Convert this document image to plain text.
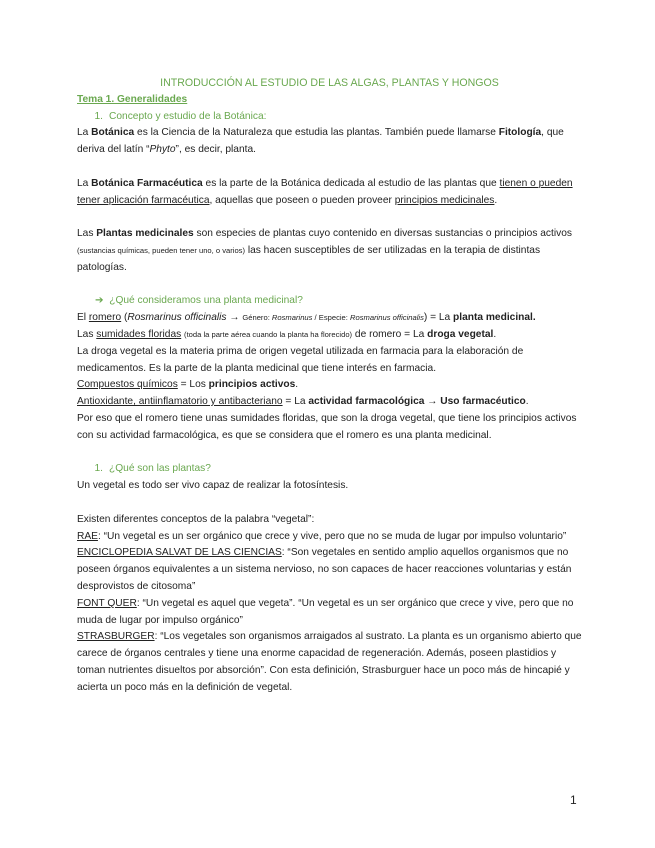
INTRODUCCIÓN AL ESTUDIO DE LAS ALGAS, PLANTAS Y HONGOS

Tema 1. Generalidades

1. Concepto y estudio de la Botánica:

La Botánica es la Ciencia de la Naturaleza que estudia las plantas. También puede llamarse Fitología, que deriva del latín “Phyto”, es decir, planta.

La Botánica Farmacéutica es la parte de la Botánica dedicada al estudio de las plantas que tienen o pueden tener aplicación farmacéutica, aquellas que poseen o pueden proveer principios medicinales.

Las Plantas medicinales son especies de plantas cuyo contenido en diversas sustancias o principios activos (sustancias químicas, pueden tener uno, o varios) las hacen susceptibles de ser utilizadas en la terapia de distintas patologías.

➔ ¿Qué consideramos una planta medicinal?

El romero (Rosmarinus officinalis → Género: Rosmarinus / Especie: Rosmarinus officinalis) = La planta medicinal.

Las sumidades floridas (toda la parte aérea cuando la planta ha florecido) de romero = La droga vegetal.

La droga vegetal es la materia prima de origen vegetal utilizada en farmacia para la elaboración de medicamentos. Es la parte de la planta medicinal que tiene interés en farmacia.

Compuestos químicos = Los principios activos.

Antioxidante, antiinflamatorio y antibacteriano = La actividad farmacológica → Uso farmacéutico.

Por eso que el romero tiene unas sumidades floridas, que son la droga vegetal, que tiene los principios activos con su actividad farmacológica, es que se considera que el romero es una planta medicinal.

1. ¿Qué son las plantas?

Un vegetal es todo ser vivo capaz de realizar la fotosíntesis.

Existen diferentes conceptos de la palabra “vegetal”:

RAE: “Un vegetal es un ser orgánico que crece y vive, pero que no se muda de lugar por impulso voluntario”

ENCICLOPEDIA SALVAT DE LAS CIENCIAS: “Son vegetales en sentido amplio aquellos organismos que no poseen órganos equivalentes a un sistema nervioso, no son capaces de hacer reacciones voluntarias y están desprovistos de citosoma”

FONT QUER: “Un vegetal es aquel que vegeta”. “Un vegetal es un ser orgánico que crece y vive, pero que no muda de lugar por impulso orgánico”

STRASBURGER: “Los vegetales son organismos arraigados al sustrato. La planta es un organismo abierto que carece de órganos centrales y tiene una enorme capacidad de regeneración. Además, poseen plastidios y toman nutrientes disueltos por absorción”. Con esta definición, Strasburguer hace un poco más de hincapié y acierta un poco más en la definición de vegetal.

1
